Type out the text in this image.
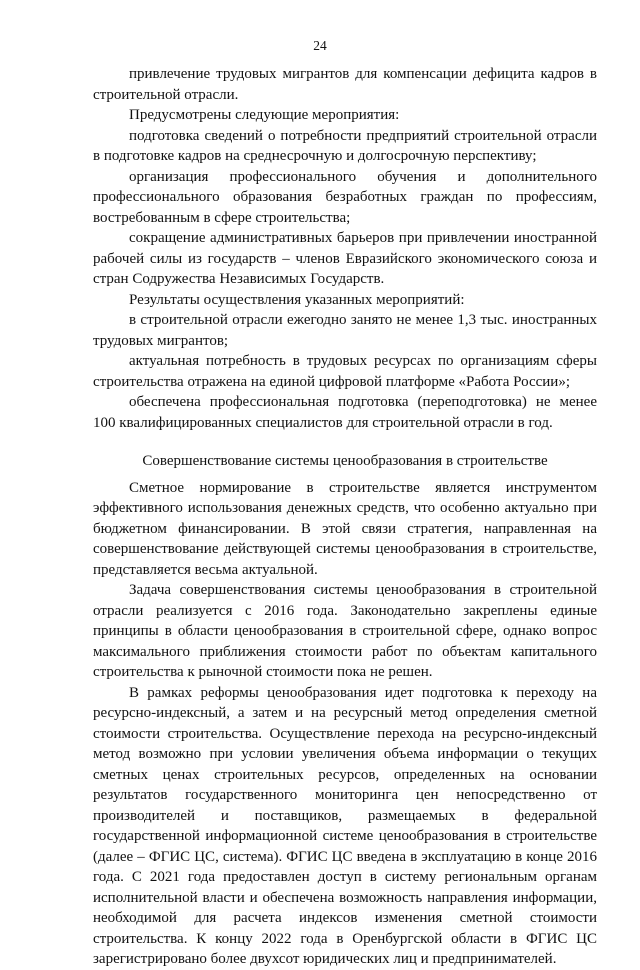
24

привлечение трудовых мигрантов для компенсации дефицита кадров в строительной отрасли.

Предусмотрены следующие мероприятия:

подготовка сведений о потребности предприятий строительной отрасли в подготовке кадров на среднесрочную и долгосрочную перспективу;

организация профессионального обучения и дополнительного профессионального образования безработных граждан по профессиям, востребованным в сфере строительства;

сокращение административных барьеров при привлечении иностранной рабочей силы из государств – членов Евразийского экономического союза и стран Содружества Независимых Государств.

Результаты осуществления указанных мероприятий:

в строительной отрасли ежегодно занято не менее 1,3 тыс. иностранных трудовых мигрантов;

актуальная потребность в трудовых ресурсах по организациям сферы строительства отражена на единой цифровой платформе «Работа России»;

обеспечена профессиональная подготовка (переподготовка) не менее 100 квалифицированных специалистов для строительной отрасли в год.

Совершенствование системы ценообразования в строительстве

Сметное нормирование в строительстве является инструментом эффективного использования денежных средств, что особенно актуально при бюджетном финансировании. В этой связи стратегия, направленная на совершенствование действующей системы ценообразования в строительстве, представляется весьма актуальной.

Задача совершенствования системы ценообразования в строительной отрасли реализуется с 2016 года. Законодательно закреплены единые принципы в области ценообразования в строительной сфере, однако вопрос максимального приближения стоимости работ по объектам капитального строительства к рыночной стоимости пока не решен.

В рамках реформы ценообразования идет подготовка к переходу на ресурсно-индексный, а затем и на ресурсный метод определения сметной стоимости строительства. Осуществление перехода на ресурсно-индексный метод возможно при условии увеличения объема информации о текущих сметных ценах строительных ресурсов, определенных на основании результатов государственного мониторинга цен непосредственно от производителей и поставщиков, размещаемых в федеральной государственной информационной системе ценообразования в строительстве (далее – ФГИС ЦС, система). ФГИС ЦС введена в эксплуатацию в конце 2016 года. С 2021 года предоставлен доступ в систему региональным органам исполнительной власти и обеспечена возможность направления информации, необходимой для расчета индексов изменения сметной стоимости строительства. К концу 2022 года в Оренбургской области в ФГИС ЦС зарегистрировано более двухсот юридических лиц и предпринимателей.
